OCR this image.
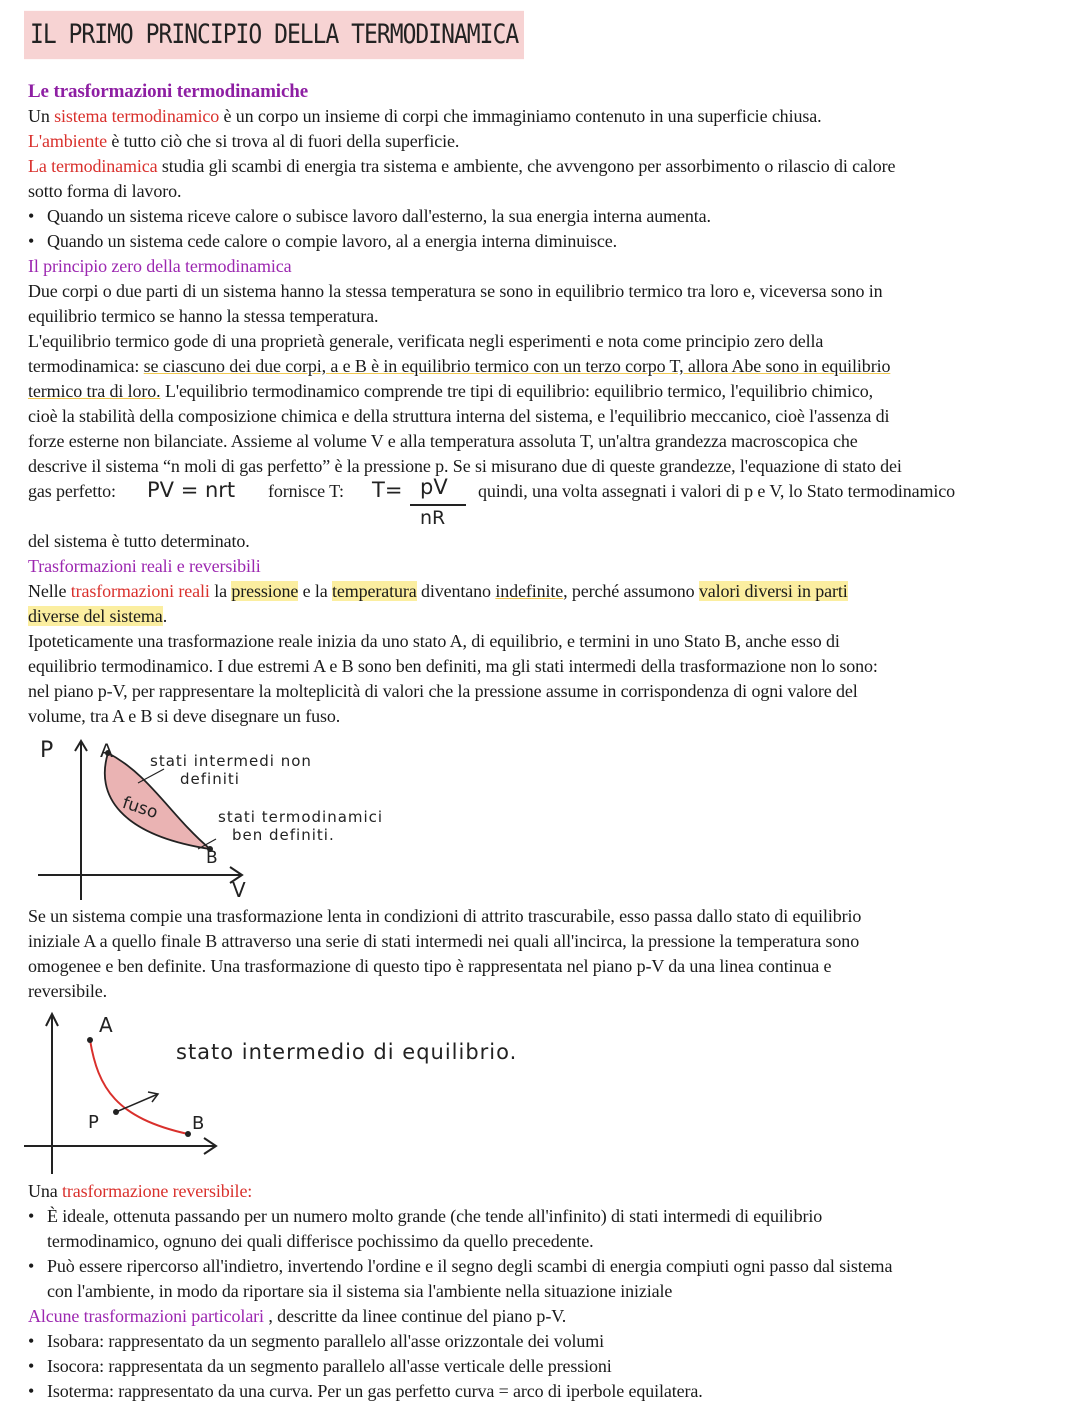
IL PRIMO PRINCIPIO DELLA TERMODINAMICA
Le trasformazioni termodinamiche
Un sistema termodinamico è un corpo un insieme di corpi che immaginiamo contenuto in una superficie chiusa.
L'ambiente è tutto ciò che si trova al di fuori della superficie.
La termodinamica studia gli scambi di energia tra sistema e ambiente, che avvengono per assorbimento o rilascio di calore
sotto forma di lavoro.
• Quando un sistema riceve calore o subisce lavoro dall'esterno, la sua energia interna aumenta.
• Quando un sistema cede calore o compie lavoro, al a energia interna diminuisce.
Il principio zero della termodinamica
Due corpi o due parti di un sistema hanno la stessa temperatura se sono in equilibrio termico tra loro e, viceversa sono in
equilibrio termico se hanno la stessa temperatura.
L'equilibrio termico gode di una proprietà generale, verificata negli esperimenti e nota come principio zero della
termodinamica: se ciascuno dei due corpi, a e B è in equilibrio termico con un terzo corpo T, allora Abe sono in equilibrio
termico tra di loro. L'equilibrio termodinamico comprende tre tipi di equilibrio: equilibrio termico, l'equilibrio chimico,
cioè la stabilità della composizione chimica e della struttura interna del sistema, e l'equilibrio meccanico, cioè l'assenza di
forze esterne non bilanciate. Assieme al volume V e alla temperatura assoluta T, un'altra grandezza macroscopica che
descrive il sistema “n moli di gas perfetto” è la pressione p. Se si misurano due di queste grandezze, l'equazione di stato dei
gas perfetto: PV = nrt fornisce T: T= pV
nR
quindi, una volta assegnati i valori di p e V, lo Stato termodinamico
del sistema è tutto determinato.
Trasformazioni reali e reversibili
Nelle trasformazioni reali la pressione e la temperatura diventano indefinite, perché assumono valori diversi in parti
diverse del sistema.
Ipoteticamente una trasformazione reale inizia da uno stato A, di equilibrio, e termini in uno Stato B, anche esso di
equilibrio termodinamico. I due estremi A e B sono ben definiti, ma gli stati intermedi della trasformazione non lo sono:
nel piano p-V, per rappresentare la molteplicità di valori che la pressione assume in corrispondenza di ogni valore del
volume, tra A e B si deve disegnare un fuso.
P A
B
V
fuso
stati intermedi non
definiti
stati termodinamici
ben definiti.
Se un sistema compie una trasformazione lenta in condizioni di attrito trascurabile, esso passa dallo stato di equilibrio
iniziale A a quello finale B attraverso una serie di stati intermedi nei quali all'incirca, la pressione la temperatura sono
omogenee e ben definite. Una trasformazione di questo tipo è rappresentata nel piano p-V da una linea continua e
reversibile.
A
B
P
stato intermedio di equilibrio.
Una trasformazione reversibile:
• È ideale, ottenuta passando per un numero molto grande (che tende all'infinito) di stati intermedi di equilibrio
termodinamico, ognuno dei quali differisce pochissimo da quello precedente.
• Può essere ripercorso all'indietro, invertendo l'ordine e il segno degli scambi di energia compiuti ogni passo dal sistema
con l'ambiente, in modo da riportare sia il sistema sia l'ambiente nella situazione iniziale
Alcune trasformazioni particolari , descritte da linee continue del piano p-V.
• Isobara: rappresentato da un segmento parallelo all'asse orizzontale dei volumi
• Isocora: rappresentata da un segmento parallelo all'asse verticale delle pressioni
• Isoterma: rappresentato da una curva. Per un gas perfetto curva = arco di iperbole equilatera.
